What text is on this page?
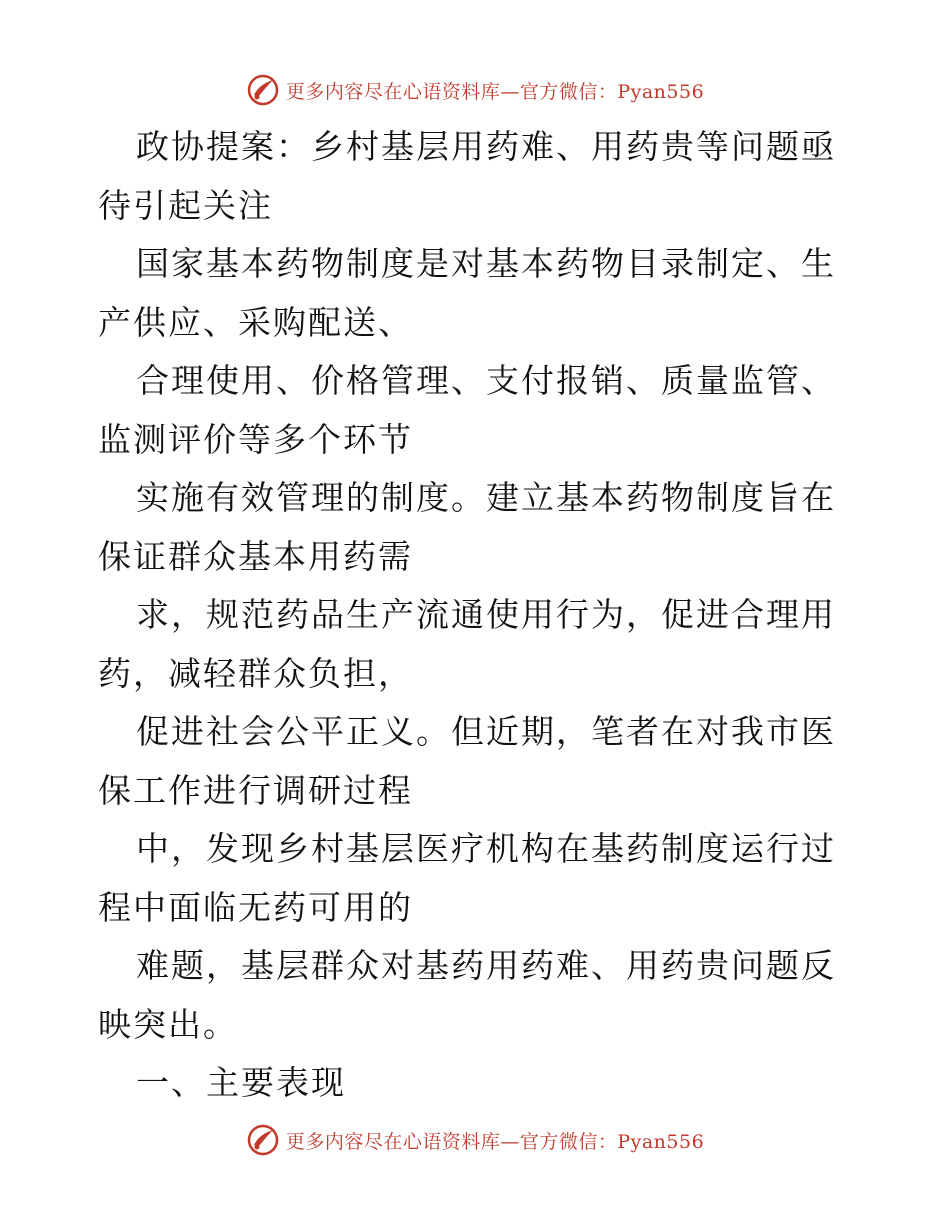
更多内容尽在心语资料库—官方微信：Pyan556

政协提案：乡村基层用药难、用药贵等问题亟待引起关注

国家基本药物制度是对基本药物目录制定、生产供应、采购配送、

合理使用、价格管理、支付报销、质量监管、监测评价等多个环节

实施有效管理的制度。建立基本药物制度旨在保证群众基本用药需

求，规范药品生产流通使用行为，促进合理用药，减轻群众负担，

促进社会公平正义。但近期，笔者在对我市医保工作进行调研过程

中，发现乡村基层医疗机构在基药制度运行过程中面临无药可用的

难题，基层群众对基药用药难、用药贵问题反映突出。

一、主要表现

更多内容尽在心语资料库—官方微信：Pyan556
